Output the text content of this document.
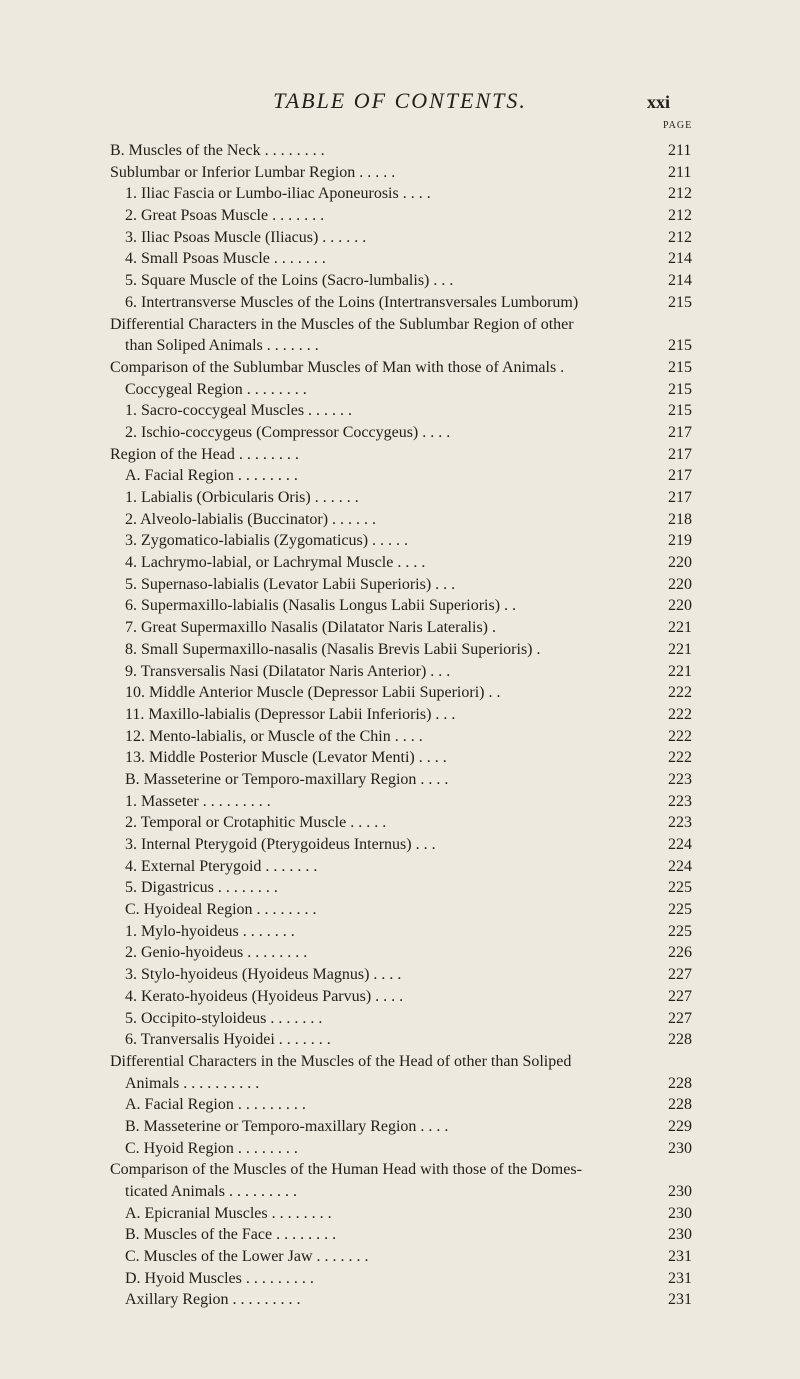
TABLE OF CONTENTS.	xxi
PAGE
B. Muscles of the Neck . . . . . . . .	211
Sublumbar or Inferior Lumbar Region . . . . .	211
1. Iliac Fascia or Lumbo-iliac Aponeurosis . . . .	212
2. Great Psoas Muscle . . . . . . .	212
3. Iliac Psoas Muscle (Iliacus) . . . . . .	212
4. Small Psoas Muscle . . . . . . .	214
5. Square Muscle of the Loins (Sacro-lumbalis) . . .	214
6. Intertransverse Muscles of the Loins (Intertransversales Lumborum)	215
Differential Characters in the Muscles of the Sublumbar Region of other
than Soliped Animals . . . . . . .	215
Comparison of the Sublumbar Muscles of Man with those of Animals .	215
Coccygeal Region . . . . . . . .	215
1. Sacro-coccygeal Muscles . . . . . .	215
2. Ischio-coccygeus (Compressor Coccygeus) . . . .	217
Region of the Head . . . . . . . .	217
A. Facial Region . . . . . . . .	217
1. Labialis (Orbicularis Oris) . . . . . .	217
2. Alveolo-labialis (Buccinator) . . . . . .	218
3. Zygomatico-labialis (Zygomaticus) . . . . .	219
4. Lachrymo-labial, or Lachrymal Muscle . . . .	220
5. Supernaso-labialis (Levator Labii Superioris) . . .	220
6. Supermaxillo-labialis (Nasalis Longus Labii Superioris) . .	220
7. Great Supermaxillo Nasalis (Dilatator Naris Lateralis) .	221
8. Small Supermaxillo-nasalis (Nasalis Brevis Labii Superioris) .	221
9. Transversalis Nasi (Dilatator Naris Anterior) . . .	221
10. Middle Anterior Muscle (Depressor Labii Superiori) . .	222
11. Maxillo-labialis (Depressor Labii Inferioris) . . .	222
12. Mento-labialis, or Muscle of the Chin . . . .	222
13. Middle Posterior Muscle (Levator Menti) . . . .	222
B. Masseterine or Temporo-maxillary Region . . . .	223
1. Masseter . . . . . . . . .	223
2. Temporal or Crotaphitic Muscle . . . . .	223
3. Internal Pterygoid (Pterygoideus Internus) . . .	224
4. External Pterygoid . . . . . . .	224
5. Digastricus . . . . . . . .	225
C. Hyoideal Region . . . . . . . .	225
1. Mylo-hyoideus . . . . . . .	225
2. Genio-hyoideus . . . . . . . .	226
3. Stylo-hyoideus (Hyoideus Magnus) . . . .	227
4. Kerato-hyoideus (Hyoideus Parvus) . . . .	227
5. Occipito-styloideus . . . . . . .	227
6. Tranversalis Hyoidei . . . . . . .	228
Differential Characters in the Muscles of the Head of other than Soliped
Animals . . . . . . . . . .	228
A. Facial Region . . . . . . . . .	228
B. Masseterine or Temporo-maxillary Region . . . .	229
C. Hyoid Region . . . . . . . .	230
Comparison of the Muscles of the Human Head with those of the Domes-
ticated Animals . . . . . . . . .	230
A. Epicranial Muscles . . . . . . . .	230
B. Muscles of the Face . . . . . . . .	230
C. Muscles of the Lower Jaw . . . . . . .	231
D. Hyoid Muscles . . . . . . . . .	231
Axillary Region . . . . . . . . .	231
